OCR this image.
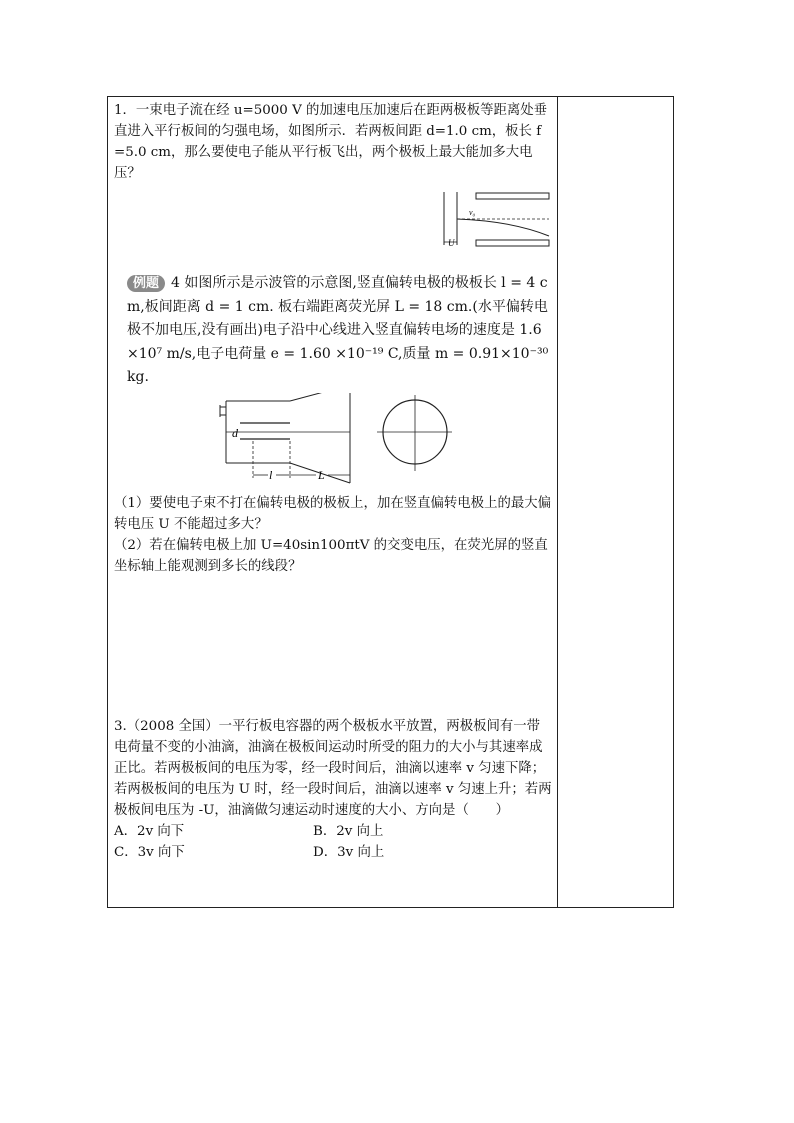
1．一束电子流在经 u=5000 V 的加速电压加速后在距两极板等距离处垂直进入平行板间的匀强电场，如图所示．若两板间距 d=1.0 cm，板长 f=5.0 cm，那么要使电子能从平行板飞出，两个极板上最大能加多大电压？

v₀
U

例题 4 如图所示是示波管的示意图,竖直偏转电极的极板长 l = 4 cm,板间距离 d = 1 cm. 板右端距离荧光屏 L = 18 cm.(水平偏转电极不加电压,没有画出)电子沿中心线进入竖直偏转电场的速度是 1.6×10⁷ m/s,电子电荷量 e = 1.60 ×10⁻¹⁹ C,质量 m = 0.91×10⁻³⁰ kg.

d
l	L

（1）要使电子束不打在偏转电极的极板上，加在竖直偏转电极上的最大偏转电压 U 不能超过多大？

（2）若在偏转电极上加 U=40sin100πtV 的交变电压，在荧光屏的竖直坐标轴上能观测到多长的线段？

3.（2008 全国）一平行板电容器的两个极板水平放置，两极板间有一带电荷量不变的小油滴，油滴在极板间运动时所受的阻力的大小与其速率成正比。若两极板间的电压为零，经一段时间后，油滴以速率 v 匀速下降；若两极板间的电压为 U 时，经一段时间后，油滴以速率 v 匀速上升；若两极板间电压为 -U，油滴做匀速运动时速度的大小、方向是（　　）

A．2v 向下	B．2v 向上

C．3v 向下	D．3v 向上
